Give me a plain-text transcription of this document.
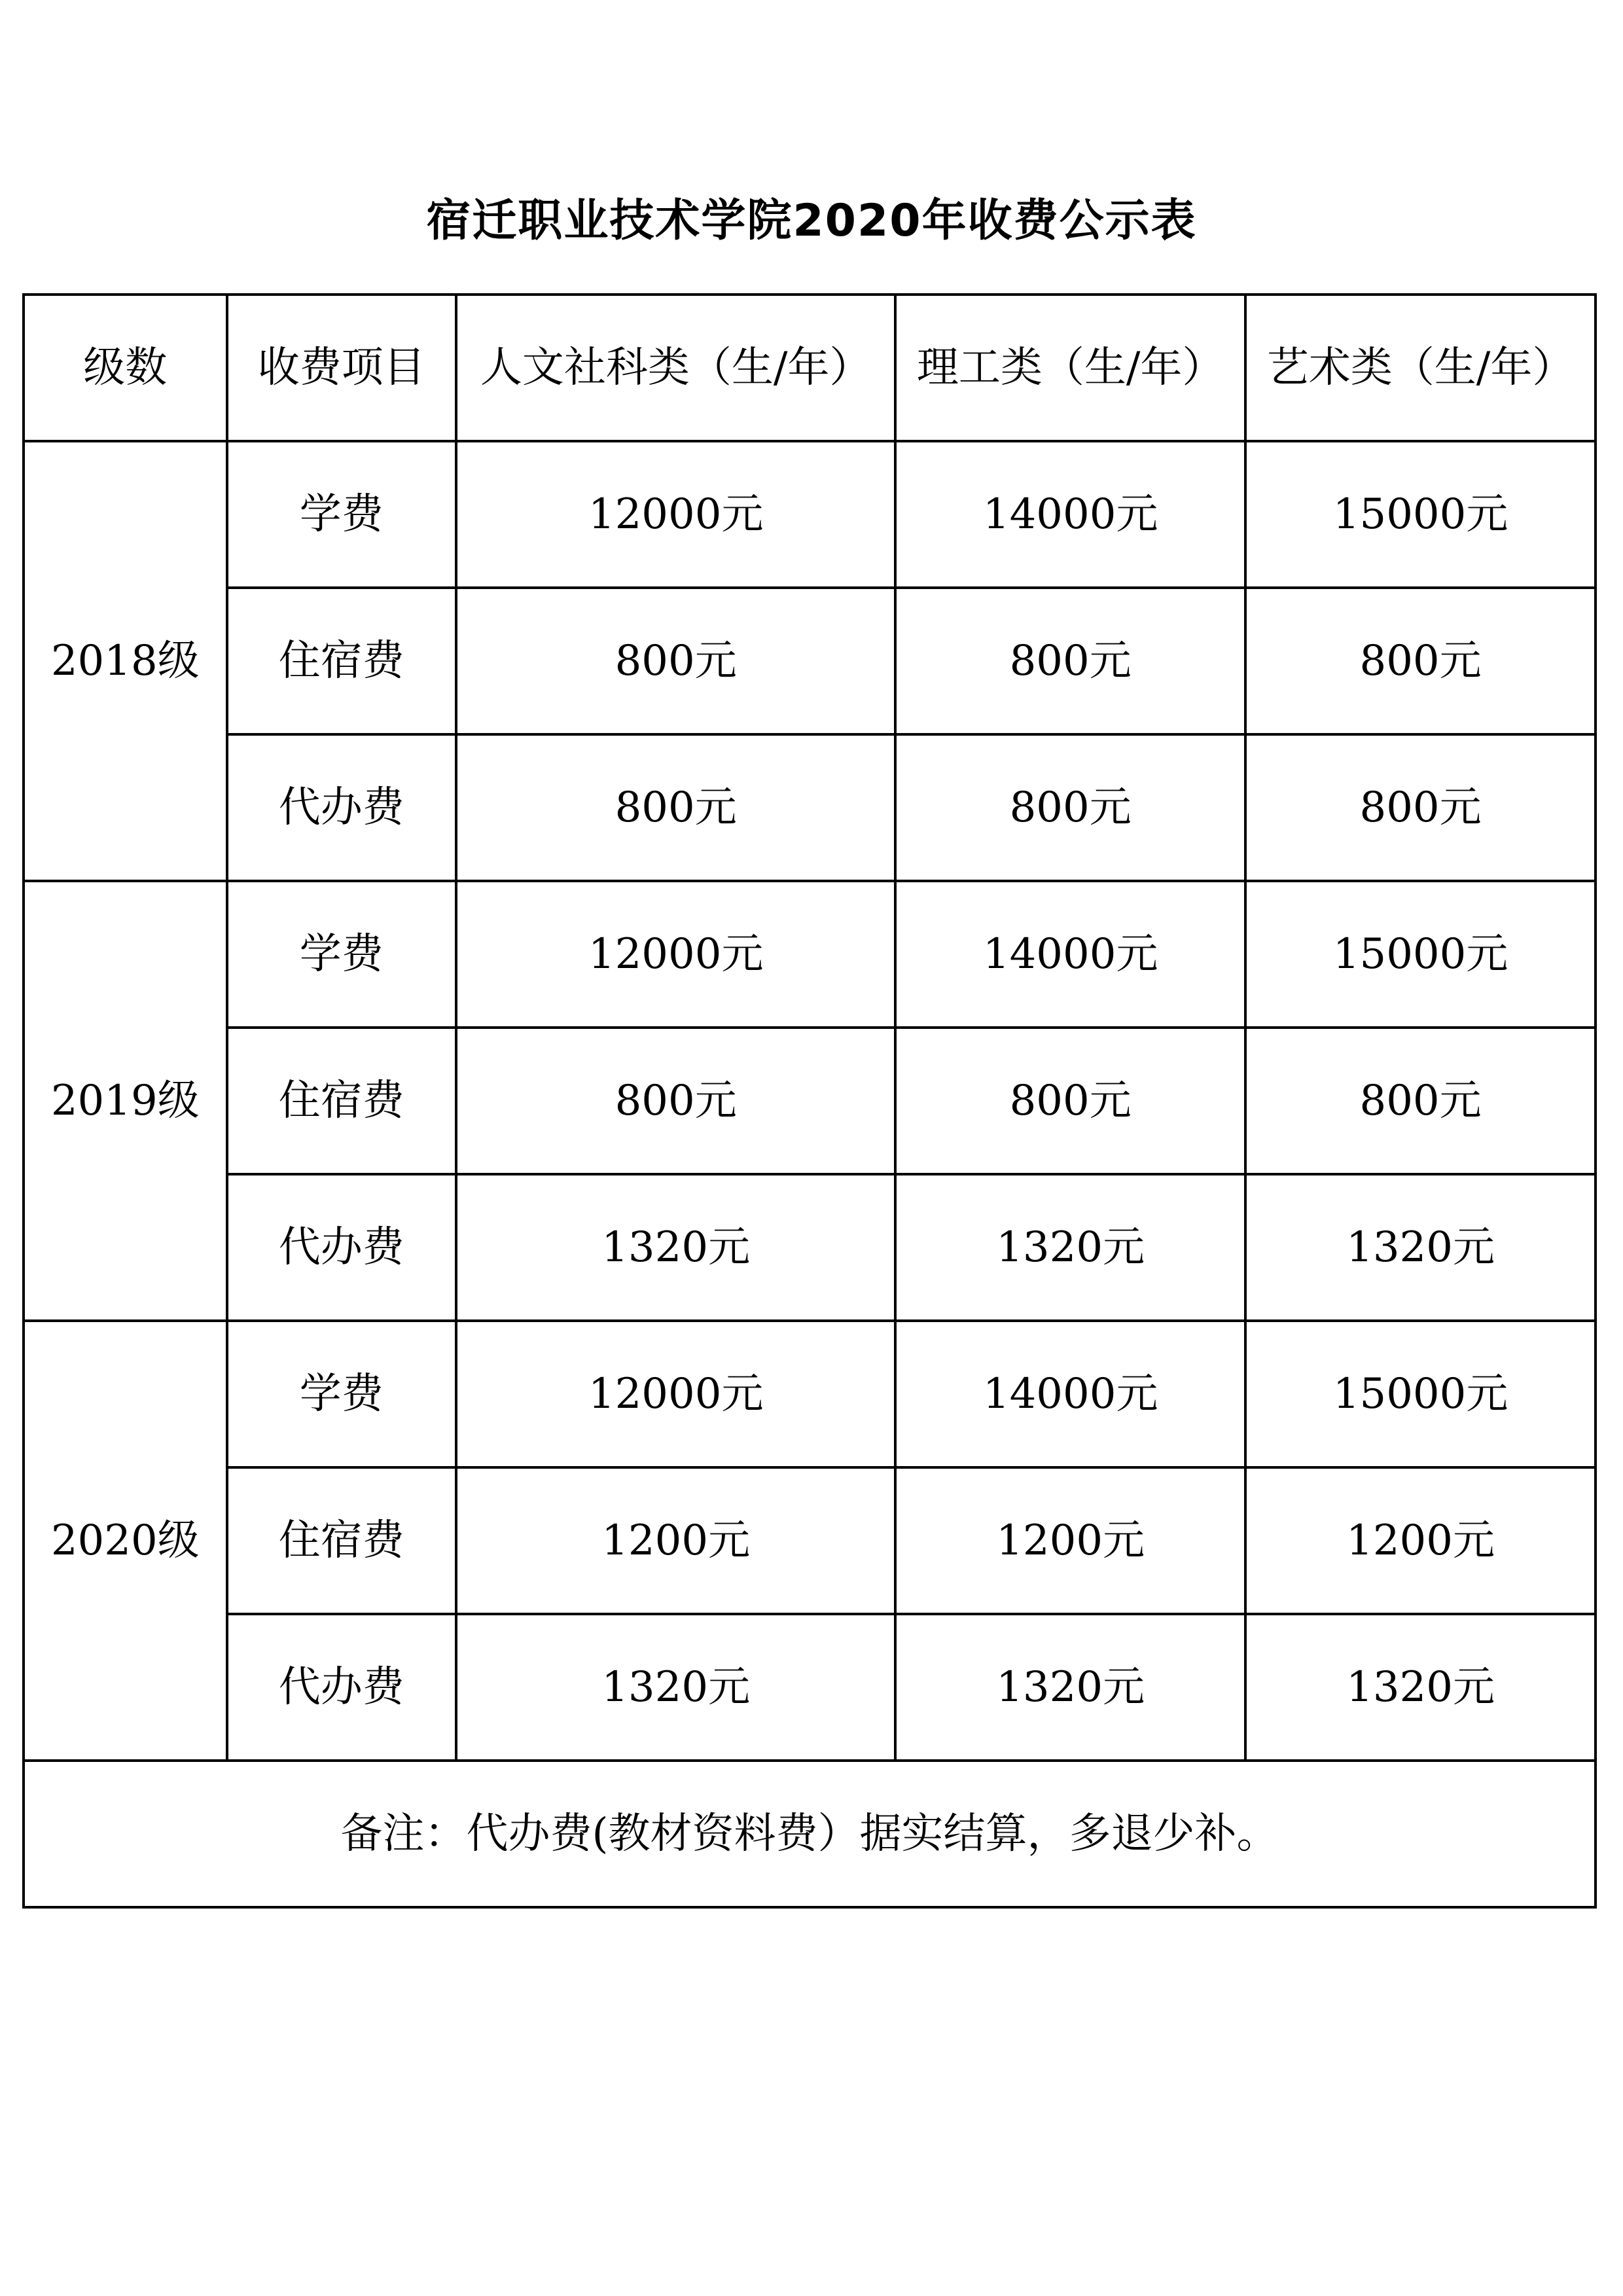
宿迁职业技术学院2020年收费公示表
级数	收费项目	人文社科类（生/年）	理工类（生/年）	艺术类（生/年）
2018级	学费	12000元	14000元	15000元
	住宿费	800元	800元	800元
	代办费	800元	800元	800元
2019级	学费	12000元	14000元	15000元
	住宿费	800元	800元	800元
	代办费	1320元	1320元	1320元
2020级	学费	12000元	14000元	15000元
	住宿费	1200元	1200元	1200元
	代办费	1320元	1320元	1320元
备注：代办费(教材资料费）据实结算，多退少补。				
